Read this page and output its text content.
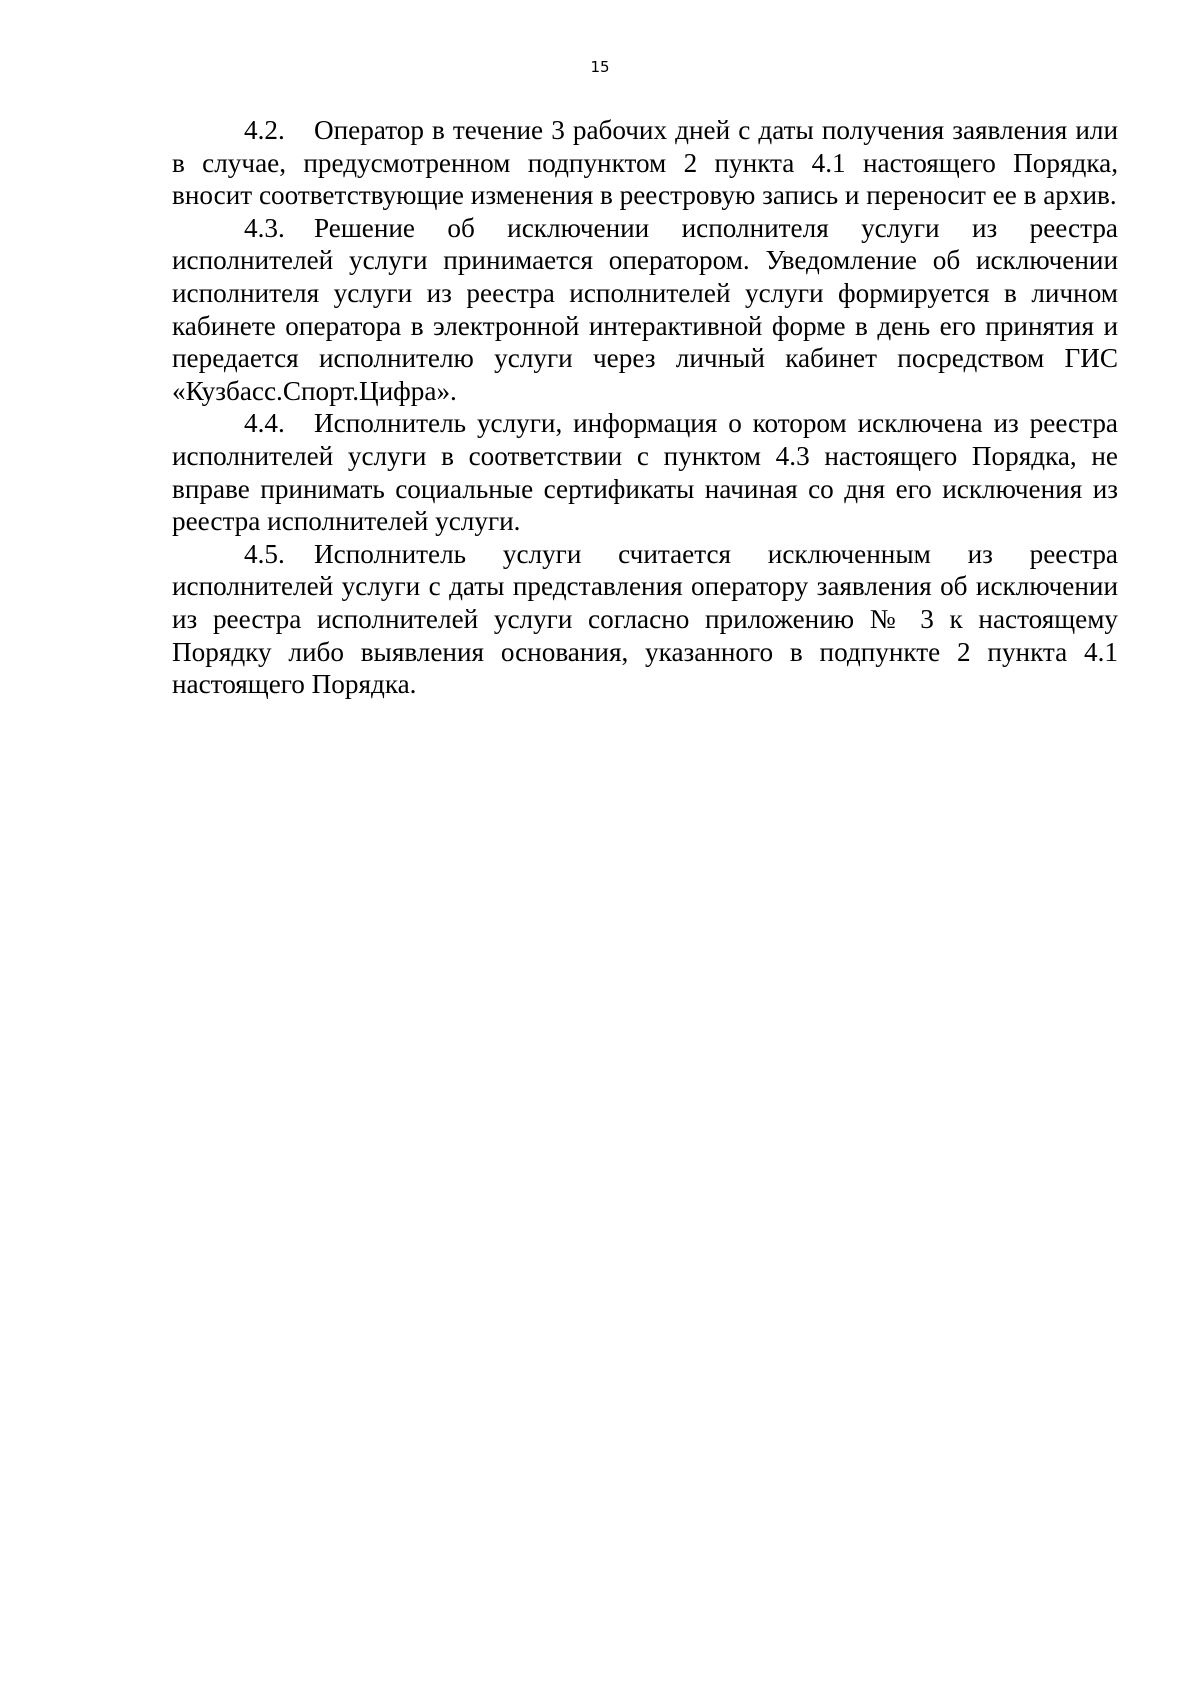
15

4.2. Оператор в течение 3 рабочих дней с даты получения заявления или в случае, предусмотренном подпунктом 2 пункта 4.1 настоящего Порядка, вносит соответствующие изменения в реестровую запись и переносит ее в архив.

4.3. Решение об исключении исполнителя услуги из реестра исполнителей услуги принимается оператором. Уведомление об исключении исполнителя услуги из реестра исполнителей услуги формируется в личном кабинете оператора в электронной интерактивной форме в день его принятия и передается исполнителю услуги через личный кабинет посредством ГИС «Кузбасс.Спорт.Цифра».

4.4. Исполнитель услуги, информация о котором исключена из реестра исполнителей услуги в соответствии с пунктом 4.3 настоящего Порядка, не вправе принимать социальные сертификаты начиная со дня его исключения из реестра исполнителей услуги.

4.5. Исполнитель услуги считается исключенным из реестра исполнителей услуги с даты представления оператору заявления об исключении из реестра исполнителей услуги согласно приложению № 3 к настоящему Порядку либо выявления основания, указанного в подпункте 2 пункта 4.1 настоящего Порядка.
